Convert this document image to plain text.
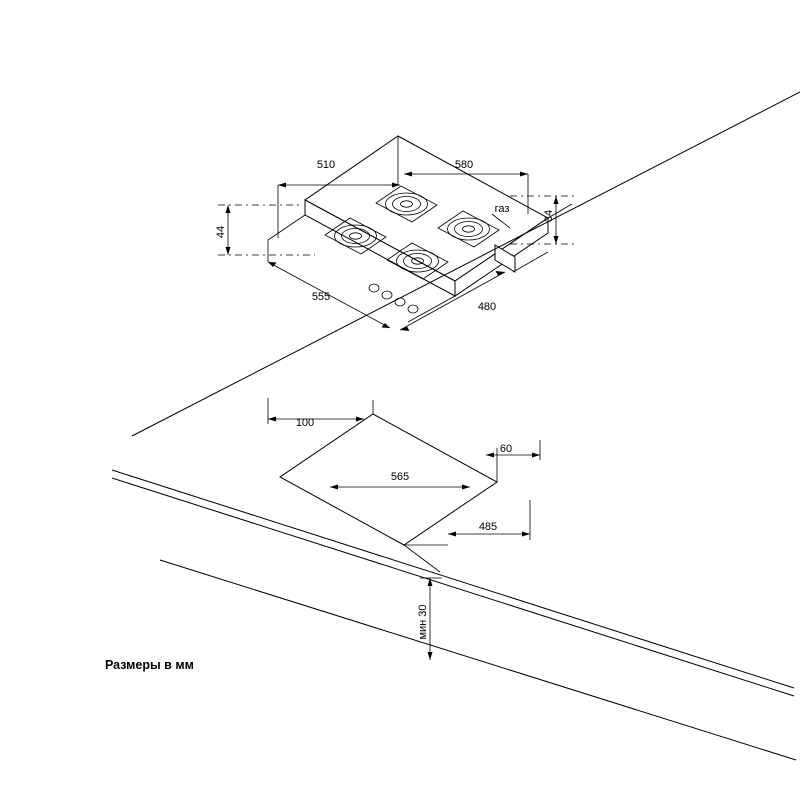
510	580
44
34
555
480
газ
100
60
565
485
мин 30
Размеры в мм
